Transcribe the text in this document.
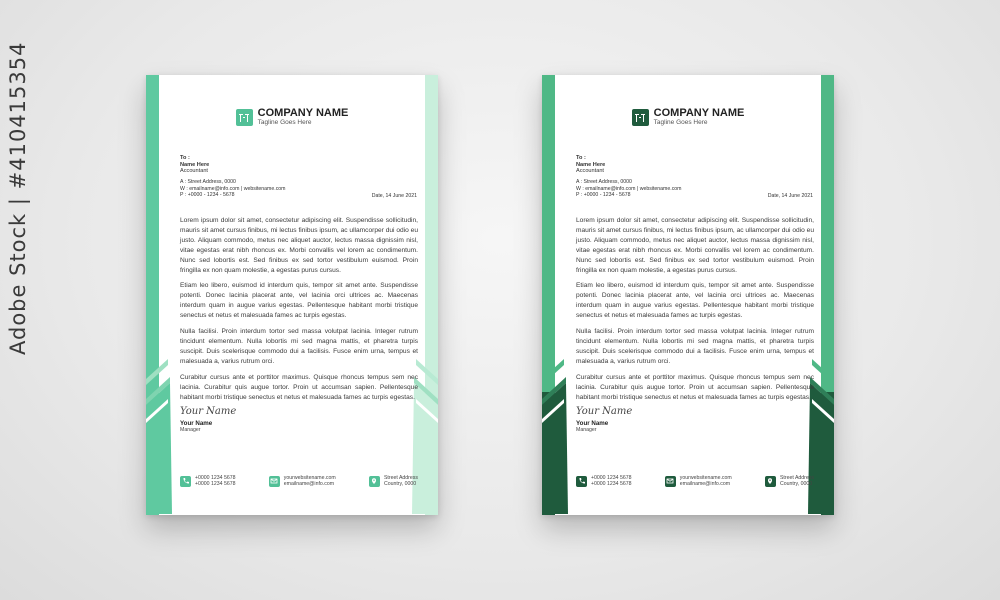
Adobe Stock | #410415354	COMPANY NAME
Tagline Goes Here
To :
Name Here
Accountant
A : Street Address, 0000
W : emailname@info.com | websitename.com
P : +0000 - 1234 - 5678	Date, 14 June 2021

Lorem ipsum dolor sit amet, consectetur adipiscing elit. Suspendisse sollicitudin, mauris sit amet cursus finibus, mi lectus finibus ipsum, ac ullamcorper dui odio eu justo. Aliquam commodo, metus nec aliquet auctor, lectus massa dignissim nisl, vitae egestas erat nibh rhoncus ex. Morbi convallis vel lorem ac condimentum. Nunc sed lobortis est. Sed finibus ex sed tortor vestibulum euismod. Proin fringilla ex non quam molestie, a egestas purus cursus.

Etiam leo libero, euismod id interdum quis, tempor sit amet ante. Suspendisse potenti. Donec lacinia placerat ante, vel lacinia orci ultrices ac. Maecenas interdum quam in augue varius egestas. Pellentesque habitant morbi tristique senectus et netus et malesuada fames ac turpis egestas.

Nulla facilisi. Proin interdum tortor sed massa volutpat lacinia. Integer rutrum tincidunt elementum. Nulla lobortis mi sed magna mattis, et pharetra turpis suscipit. Duis scelerisque commodo dui a facilisis. Fusce enim urna, tempus et malesuada a, varius rutrum orci.

Curabitur cursus ante et porttitor maximus. Quisque rhoncus tempus sem nec lacinia. Curabitur quis augue tortor. Proin ut accumsan sapien. Pellentesque habitant morbi tristique senectus et netus et malesuada fames ac turpis egestas.

Your Name
Your Name
Manager
+0000 1234 5678
+0000 1234 5678
yourwebsitename.com
emailname@info.com
Street Address
Country, 0000
COMPANY NAME
Tagline Goes Here
To :
Name Here
Accountant
A : Street Address, 0000
W : emailname@info.com | websitename.com
P : +0000 - 1234 - 5678	Date, 14 June 2021

Lorem ipsum dolor sit amet, consectetur adipiscing elit. Suspendisse sollicitudin, mauris sit amet cursus finibus, mi lectus finibus ipsum, ac ullamcorper dui odio eu justo. Aliquam commodo, metus nec aliquet auctor, lectus massa dignissim nisl, vitae egestas erat nibh rhoncus ex. Morbi convallis vel lorem ac condimentum. Nunc sed lobortis est. Sed finibus ex sed tortor vestibulum euismod. Proin fringilla ex non quam molestie, a egestas purus cursus.

Etiam leo libero, euismod id interdum quis, tempor sit amet ante. Suspendisse potenti. Donec lacinia placerat ante, vel lacinia orci ultrices ac. Maecenas interdum quam in augue varius egestas. Pellentesque habitant morbi tristique senectus et netus et malesuada fames ac turpis egestas.

Nulla facilisi. Proin interdum tortor sed massa volutpat lacinia. Integer rutrum tincidunt elementum. Nulla lobortis mi sed magna mattis, et pharetra turpis suscipit. Duis scelerisque commodo dui a facilisis. Fusce enim urna, tempus et malesuada a, varius rutrum orci.

Curabitur cursus ante et porttitor maximus. Quisque rhoncus tempus sem nec lacinia. Curabitur quis augue tortor. Proin ut accumsan sapien. Pellentesque habitant morbi tristique senectus et netus et malesuada fames ac turpis egestas.

Your Name
Your Name
Manager
+0000 1234 5678
+0000 1234 5678
yourwebsitename.com
emailname@info.com
Street Address
Country, 0000
